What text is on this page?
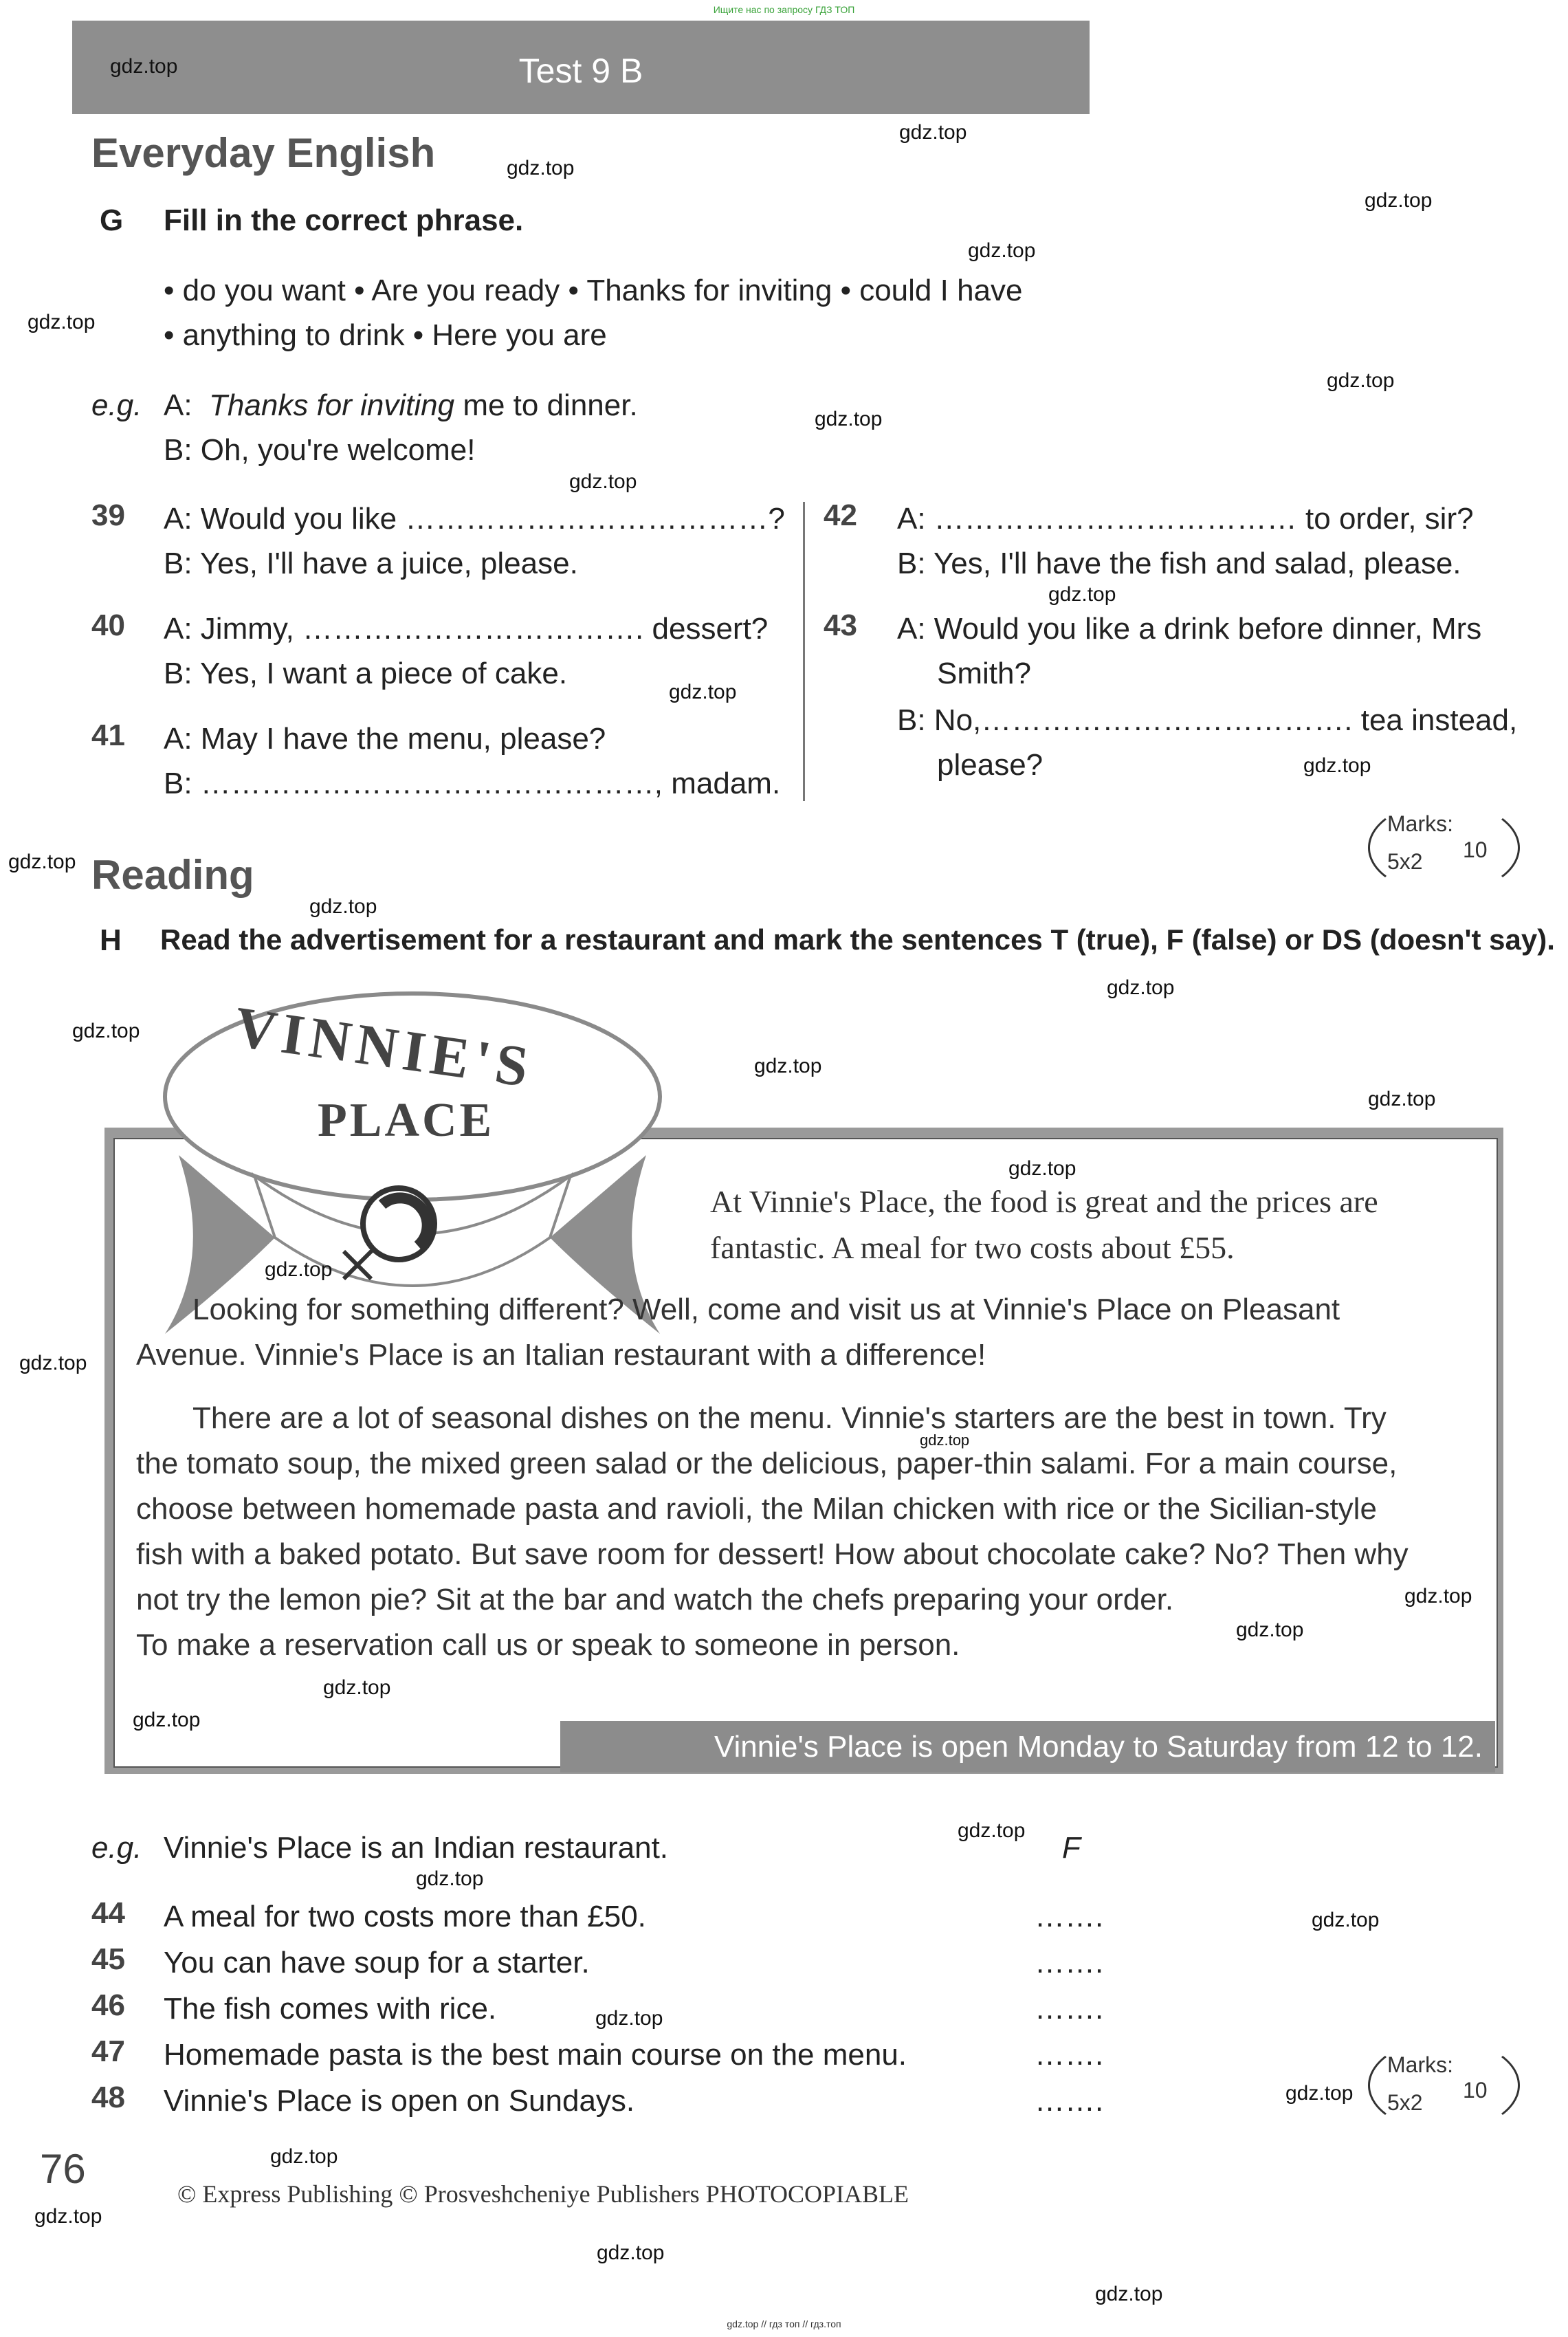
Ищите нас по запросу ГДЗ ТОП
Test 9 B
Everyday English
G Fill in the correct phrase.
• do you want • Are you ready • Thanks for inviting • could I have
• anything to drink • Here you are
e.g. A: Thanks for inviting me to dinner.
B: Oh, you're welcome!
39 A: Would you like ………………………………?
B: Yes, I'll have a juice, please.
40 A: Jimmy, ……………………………. dessert?
B: Yes, I want a piece of cake.
41 A: May I have the menu, please?
B: ………………………………………, madam.
42 A: ……………………………… to order, sir?
B: Yes, I'll have the fish and salad, please.
43 A: Would you like a drink before dinner, Mrs
Smith?
B: No,………………………………. tea instead,
please?
Marks:
10
5x2
Reading
H Read the advertisement for a restaurant and mark the sentences T (true), F (false) or DS (doesn't say).
VINNIE'S
PLACE
At Vinnie's Place, the food is great and the prices are
fantastic. A meal for two costs about £55.
Looking for something different? Well, come and visit us at Vinnie's Place on Pleasant
Avenue. Vinnie's Place is an Italian restaurant with a difference!
There are a lot of seasonal dishes on the menu. Vinnie's starters are the best in town. Try
the tomato soup, the mixed green salad or the delicious, paper-thin salami. For a main course,
choose between homemade pasta and ravioli, the Milan chicken with rice or the Sicilian-style
fish with a baked potato. But save room for dessert! How about chocolate cake? No? Then why
not try the lemon pie? Sit at the bar and watch the chefs preparing your order.
To make a reservation call us or speak to someone in person.
Vinnie's Place is open Monday to Saturday from 12 to 12.
e.g. Vinnie's Place is an Indian restaurant.	F
44 A meal for two costs more than £50.	…….
45 You can have soup for a starter.	…….
46 The fish comes with rice.	…….
47 Homemade pasta is the best main course on the menu.	…….
48 Vinnie's Place is open on Sundays.	…….
Marks:
10
5x2
76
© Express Publishing © Prosveshcheniye Publishers PHOTOCOPIABLE
gdz.top // гдз топ // гдз.топ
gdz.top
gdz.top
gdz.top
gdz.top
gdz.top
gdz.top
gdz.top
gdz.top
gdz.top
gdz.top
gdz.top
gdz.top
gdz.top
gdz.top
gdz.top
gdz.top
gdz.top
gdz.top
gdz.top
gdz.top
gdz.top
gdz.top
gdz.top
gdz.top
gdz.top
gdz.top
gdz.top
gdz.top
gdz.top
gdz.top
gdz.top
gdz.top
gdz.top
gdz.top
gdz.top
